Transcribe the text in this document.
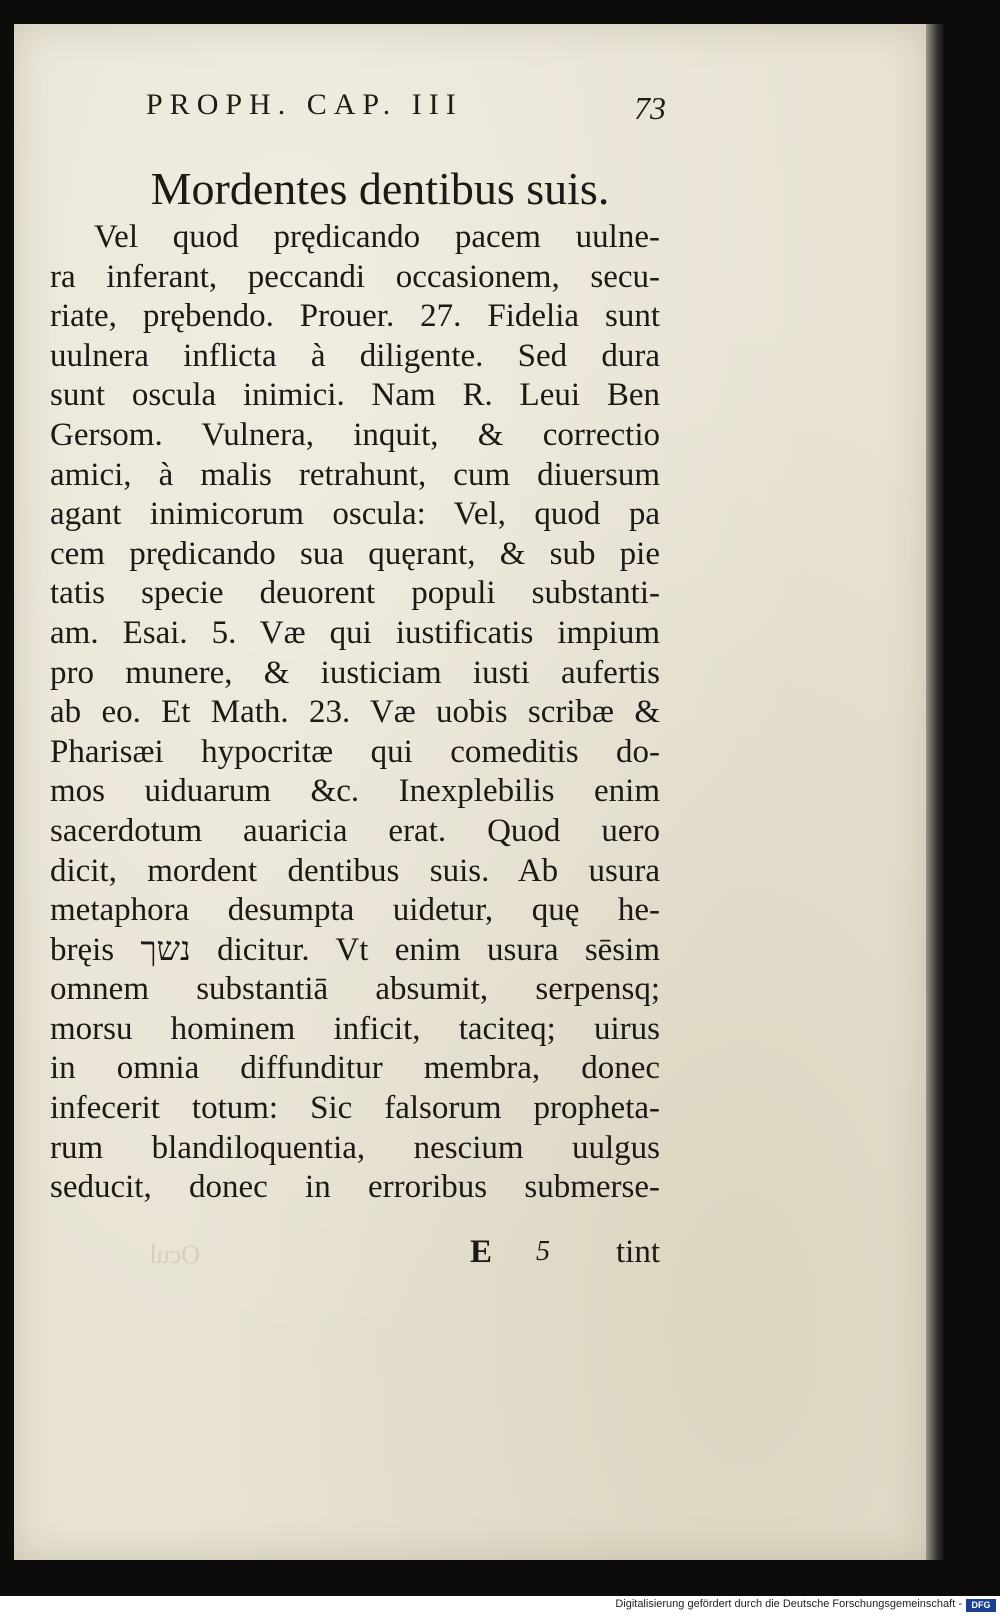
PROPH. CAP. III	73
Mordentes dentibus suis.
Vel quod prędicando pacem uulne-
ra inferant, peccandi occasionem, secu-
riate, prębendo. Prouer. 27. Fidelia sunt
uulnera inflicta à diligente. Sed dura
sunt oscula inimici. Nam R. Leui Ben
Gersom. Vulnera, inquit, & correctio
amici, à malis retrahunt, cum diuersum
agant inimicorum oscula: Vel, quod pa
cem prędicando sua quęrant, & sub pie
tatis specie deuorent populi substanti-
am. Esai. 5. Væ qui iustificatis impium
pro munere, & iusticiam iusti aufertis
ab eo. Et Math. 23. Væ uobis scribæ &
Pharisæi hypocritæ qui comeditis do-
mos uiduarum &c. Inexplebilis enim
sacerdotum auaricia erat. Quod uero
dicit, mordent dentibus suis. Ab usura
metaphora desumpta uidetur, quę he-
bręis נשך dicitur. Vt enim usura sēsim
omnem substantiā absumit, serpensq;
morsu hominem inficit, taciteq; uirus
in omnia diffunditur membra, donec
infecerit totum: Sic falsorum propheta-
rum blandiloquentia, nescium uulgus
seducit, donec in erroribus submerse-
Ocul	E 5 tint
Digitalisierung gefördert durch die Deutsche Forschungsgemeinschaft -	DFG
